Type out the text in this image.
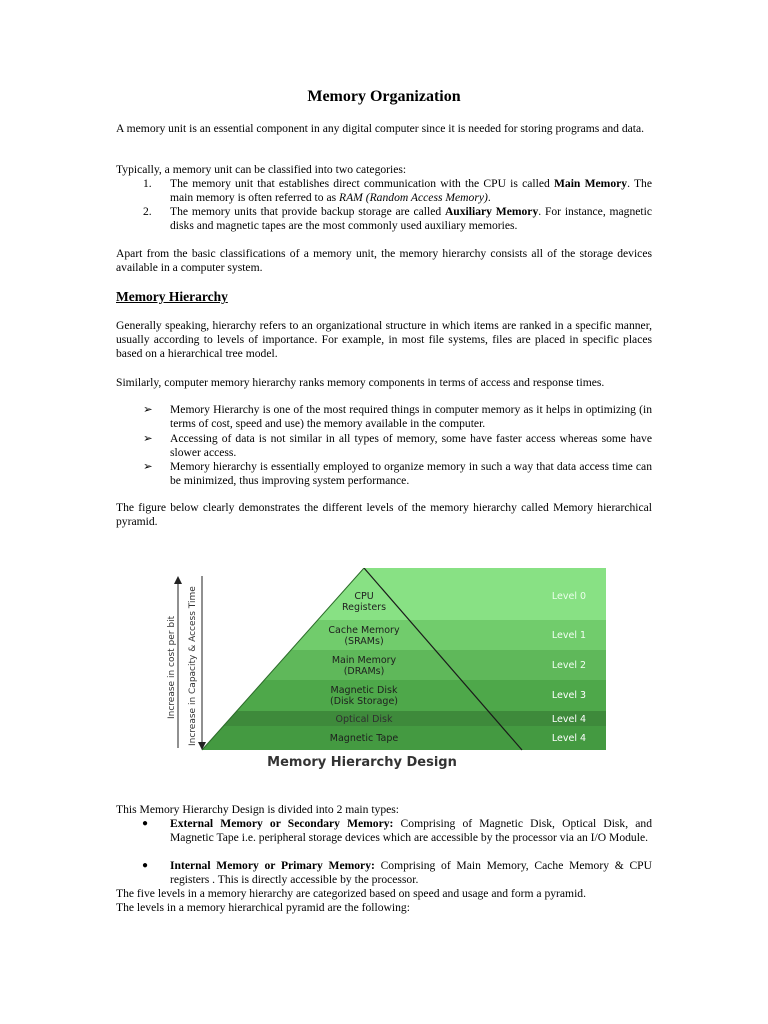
Memory Organization

A memory unit is an essential component in any digital computer since it is needed for storing programs and data.

Typically, a memory unit can be classified into two categories:

1. The memory unit that establishes direct communication with the CPU is called Main Memory. The main memory is often referred to as RAM (Random Access Memory).
2. The memory units that provide backup storage are called Auxiliary Memory. For instance, magnetic disks and magnetic tapes are the most commonly used auxiliary memories.

Apart from the basic classifications of a memory unit, the memory hierarchy consists all of the storage devices available in a computer system.

Memory Hierarchy

Generally speaking, hierarchy refers to an organizational structure in which items are ranked in a specific manner, usually according to levels of importance. For example, in most file systems, files are placed in specific places based on a hierarchical tree model.

Similarly, computer memory hierarchy ranks memory components in terms of access and response times.

➢ Memory Hierarchy is one of the most required things in computer memory as it helps in optimizing (in terms of cost, speed and use) the memory available in the computer.
➢ Accessing of data is not similar in all types of memory, some have faster access whereas some have slower access.
➢ Memory hierarchy is essentially employed to organize memory in such a way that data access time can be minimized, thus improving system performance.

The figure below clearly demonstrates the different levels of the memory hierarchy called Memory hierarchical pyramid.

This Memory Hierarchy Design is divided into 2 main types:
● External Memory or Secondary Memory: Comprising of Magnetic Disk, Optical Disk, and Magnetic Tape i.e. peripheral storage devices which are accessible by the processor via an I/O Module.
● Internal Memory or Primary Memory: Comprising of Main Memory, Cache Memory & CPU registers . This is directly accessible by the processor.

The five levels in a memory hierarchy are categorized based on speed and usage and form a pyramid.

The levels in a memory hierarchical pyramid are the following:

CPU
Registers
Cache Memory
(SRAMs)
Main Memory
(DRAMs)
Magnetic Disk
(Disk Storage)
Optical Disk
Magnetic Tape
Level 0
Level 1
Level 2
Level 3
Level 4
Level 4
Increase in cost per bit Increase in Capacity & Access Time
Memory Hierarchy Design
